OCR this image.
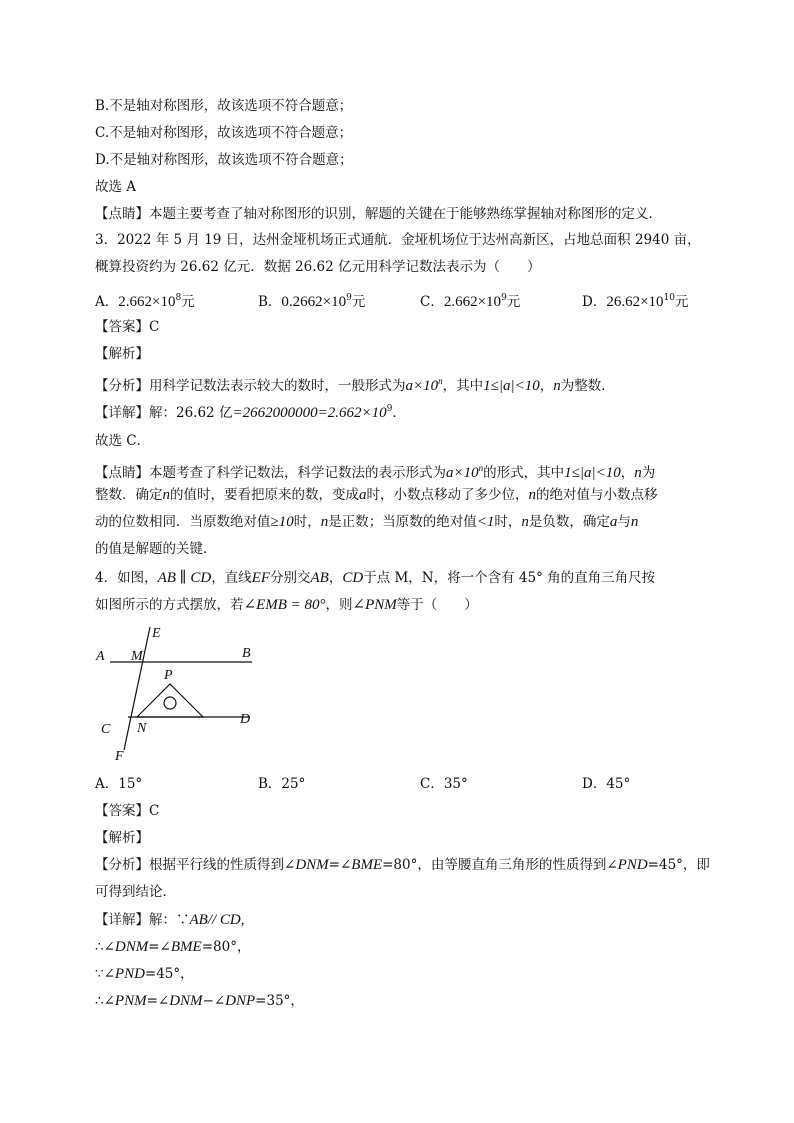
B.不是轴对称图形，故该选项不符合题意；
C.不是轴对称图形，故该选项不符合题意；
D.不是轴对称图形，故该选项不符合题意；
故选 A
【点睛】本题主要考查了轴对称图形的识别，解题的关键在于能够熟练掌握轴对称图形的定义．
3．2022 年 5 月 19 日，达州金垭机场正式通航．金垭机场位于达州高新区，占地总面积 2940 亩，
概算投资约为 26.62 亿元．数据 26.62 亿元用科学记数法表示为（　　）
A．$2.662\times 10^8$元	B．$0.2662\times 10^9$元	C．$2.662\times 10^9$元	D．$26.62\times 10^{10}$元
【答案】C
【解析】
【分析】用科学记数法表示较大的数时，一般形式为$a\times 10^n$，其中1≤|a|<10，n为整数．
【详解】解：26.62 亿$=2662000000=2.662\times 10^9$．
故选 C．
【点睛】本题考查了科学记数法，科学记数法的表示形式为$a\times 10^n$的形式，其中1≤|a|<10，n为
整数．确定n的值时，要看把原来的数，变成a时，小数点移动了多少位，n的绝对值与小数点移
动的位数相同．当原数绝对值≥10时，n是正数；当原数的绝对值<1时，n是负数，确定a与n
的值是解题的关键．
4．如图，AB ∥ CD，直线EF分别交AB，CD于点 M，N，将一个含有 45° 角的直角三角尺按
如图所示的方式摆放，若∠EMB = 80°，则∠PNM等于（　　）
A M
E
B
P
C N
D
F
A．15°	B．25°	C．35°	D．45°
【答案】C
【解析】
【分析】根据平行线的性质得到∠DNM=∠BME=80°，由等腰直角三角形的性质得到∠PND=45°，即
可得到结论．
【详解】解：∵AB// CD,
∴∠DNM=∠BME=80°，
∵∠PND=45°，
∴∠PNM=∠DNM−∠DNP=35°，
